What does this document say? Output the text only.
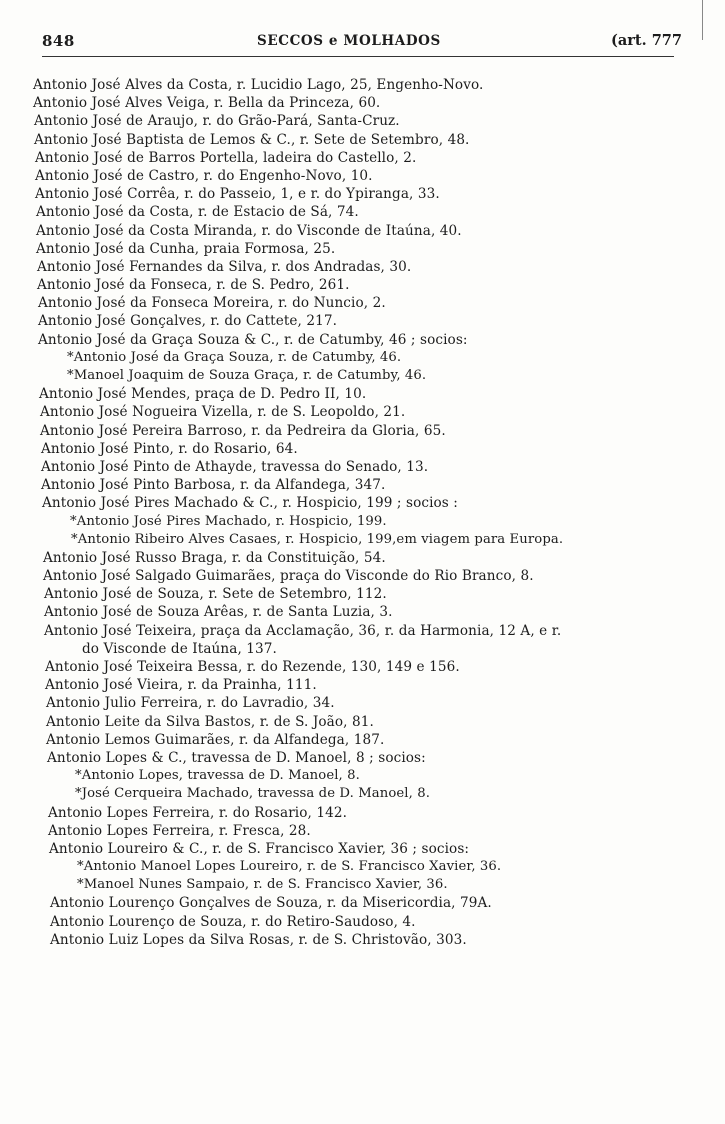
848	SECCOS e MOLHADOS	(art. 777
Antonio José Alves da Costa, r. Lucidio Lago, 25, Engenho-Novo.
Antonio José Alves Veiga, r. Bella da Princeza, 60.
Antonio José de Araujo, r. do Grão-Pará, Santa-Cruz.
Antonio José Baptista de Lemos & C., r. Sete de Setembro, 48.
Antonio José de Barros Portella, ladeira do Castello, 2.
Antonio José de Castro, r. do Engenho-Novo, 10.
Antonio José Corrêa, r. do Passeio, 1, e r. do Ypiranga, 33.
Antonio José da Costa, r. de Estacio de Sá, 74.
Antonio José da Costa Miranda, r. do Visconde de Itaúna, 40.
Antonio José da Cunha, praia Formosa, 25.
Antonio José Fernandes da Silva, r. dos Andradas, 30.
Antonio José da Fonseca, r. de S. Pedro, 261.
Antonio José da Fonseca Moreira, r. do Nuncio, 2.
Antonio José Gonçalves, r. do Cattete, 217.
Antonio José da Graça Souza & C., r. de Catumby, 46 ; socios:
*Antonio José da Graça Souza, r. de Catumby, 46.
*Manoel Joaquim de Souza Graça, r. de Catumby, 46.
Antonio José Mendes, praça de D. Pedro II, 10.
Antonio José Nogueira Vizella, r. de S. Leopoldo, 21.
Antonio José Pereira Barroso, r. da Pedreira da Gloria, 65.
Antonio José Pinto, r. do Rosario, 64.
Antonio José Pinto de Athayde, travessa do Senado, 13.
Antonio José Pinto Barbosa, r. da Alfandega, 347.
Antonio José Pires Machado & C., r. Hospicio, 199 ; socios :
*Antonio José Pires Machado, r. Hospicio, 199.
*Antonio Ribeiro Alves Casaes, r. Hospicio, 199,em viagem para Europa.
Antonio José Russo Braga, r. da Constituição, 54.
Antonio José Salgado Guimarães, praça do Visconde do Rio Branco, 8.
Antonio José de Souza, r. Sete de Setembro, 112.
Antonio José de Souza Arêas, r. de Santa Luzia, 3.
Antonio José Teixeira, praça da Acclamação, 36, r. da Harmonia, 12 A, e r.
do Visconde de Itaúna, 137.
Antonio José Teixeira Bessa, r. do Rezende, 130, 149 e 156.
Antonio José Vieira, r. da Prainha, 111.
Antonio Julio Ferreira, r. do Lavradio, 34.
Antonio Leite da Silva Bastos, r. de S. João, 81.
Antonio Lemos Guimarães, r. da Alfandega, 187.
Antonio Lopes & C., travessa de D. Manoel, 8 ; socios:
*Antonio Lopes, travessa de D. Manoel, 8.
*José Cerqueira Machado, travessa de D. Manoel, 8.
Antonio Lopes Ferreira, r. do Rosario, 142.
Antonio Lopes Ferreira, r. Fresca, 28.
Antonio Loureiro & C., r. de S. Francisco Xavier, 36 ; socios:
*Antonio Manoel Lopes Loureiro, r. de S. Francisco Xavier, 36.
*Manoel Nunes Sampaio, r. de S. Francisco Xavier, 36.
Antonio Lourenço Gonçalves de Souza, r. da Misericordia, 79A.
Antonio Lourenço de Souza, r. do Retiro-Saudoso, 4.
Antonio Luiz Lopes da Silva Rosas, r. de S. Christovão, 303.
